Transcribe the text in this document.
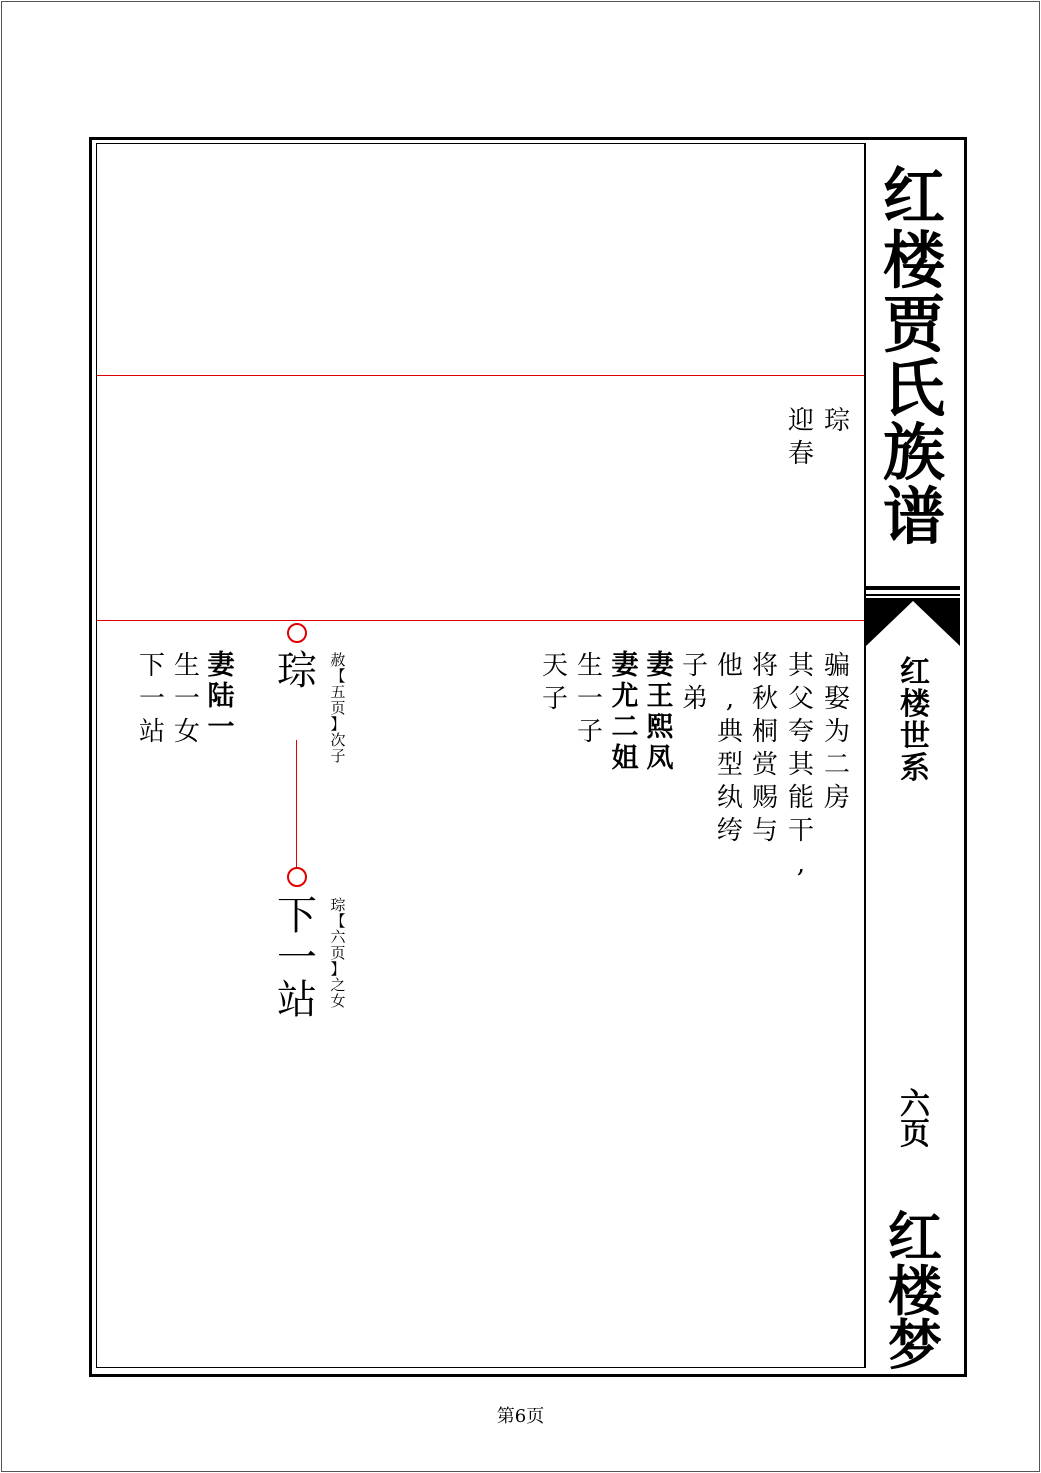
红
楼
贾
氏
族
谱
红
楼
世
系
六
页
红
楼
梦
琮
迎
春
骗
娶
为
二
房
其
父
夸
其
能
干
,
将
秋
桐
赏
赐
与
他
,
典
型
纨
绔
子
弟
妻
王
熙
凤
妻
尤
二
姐
生
一
子
天
子
琮 赦
【
五
页
】
次
子
妻
陆
一
生
一
女
下
一
站
下
一
站
琮
【
六
页
】
之
女
第6页
